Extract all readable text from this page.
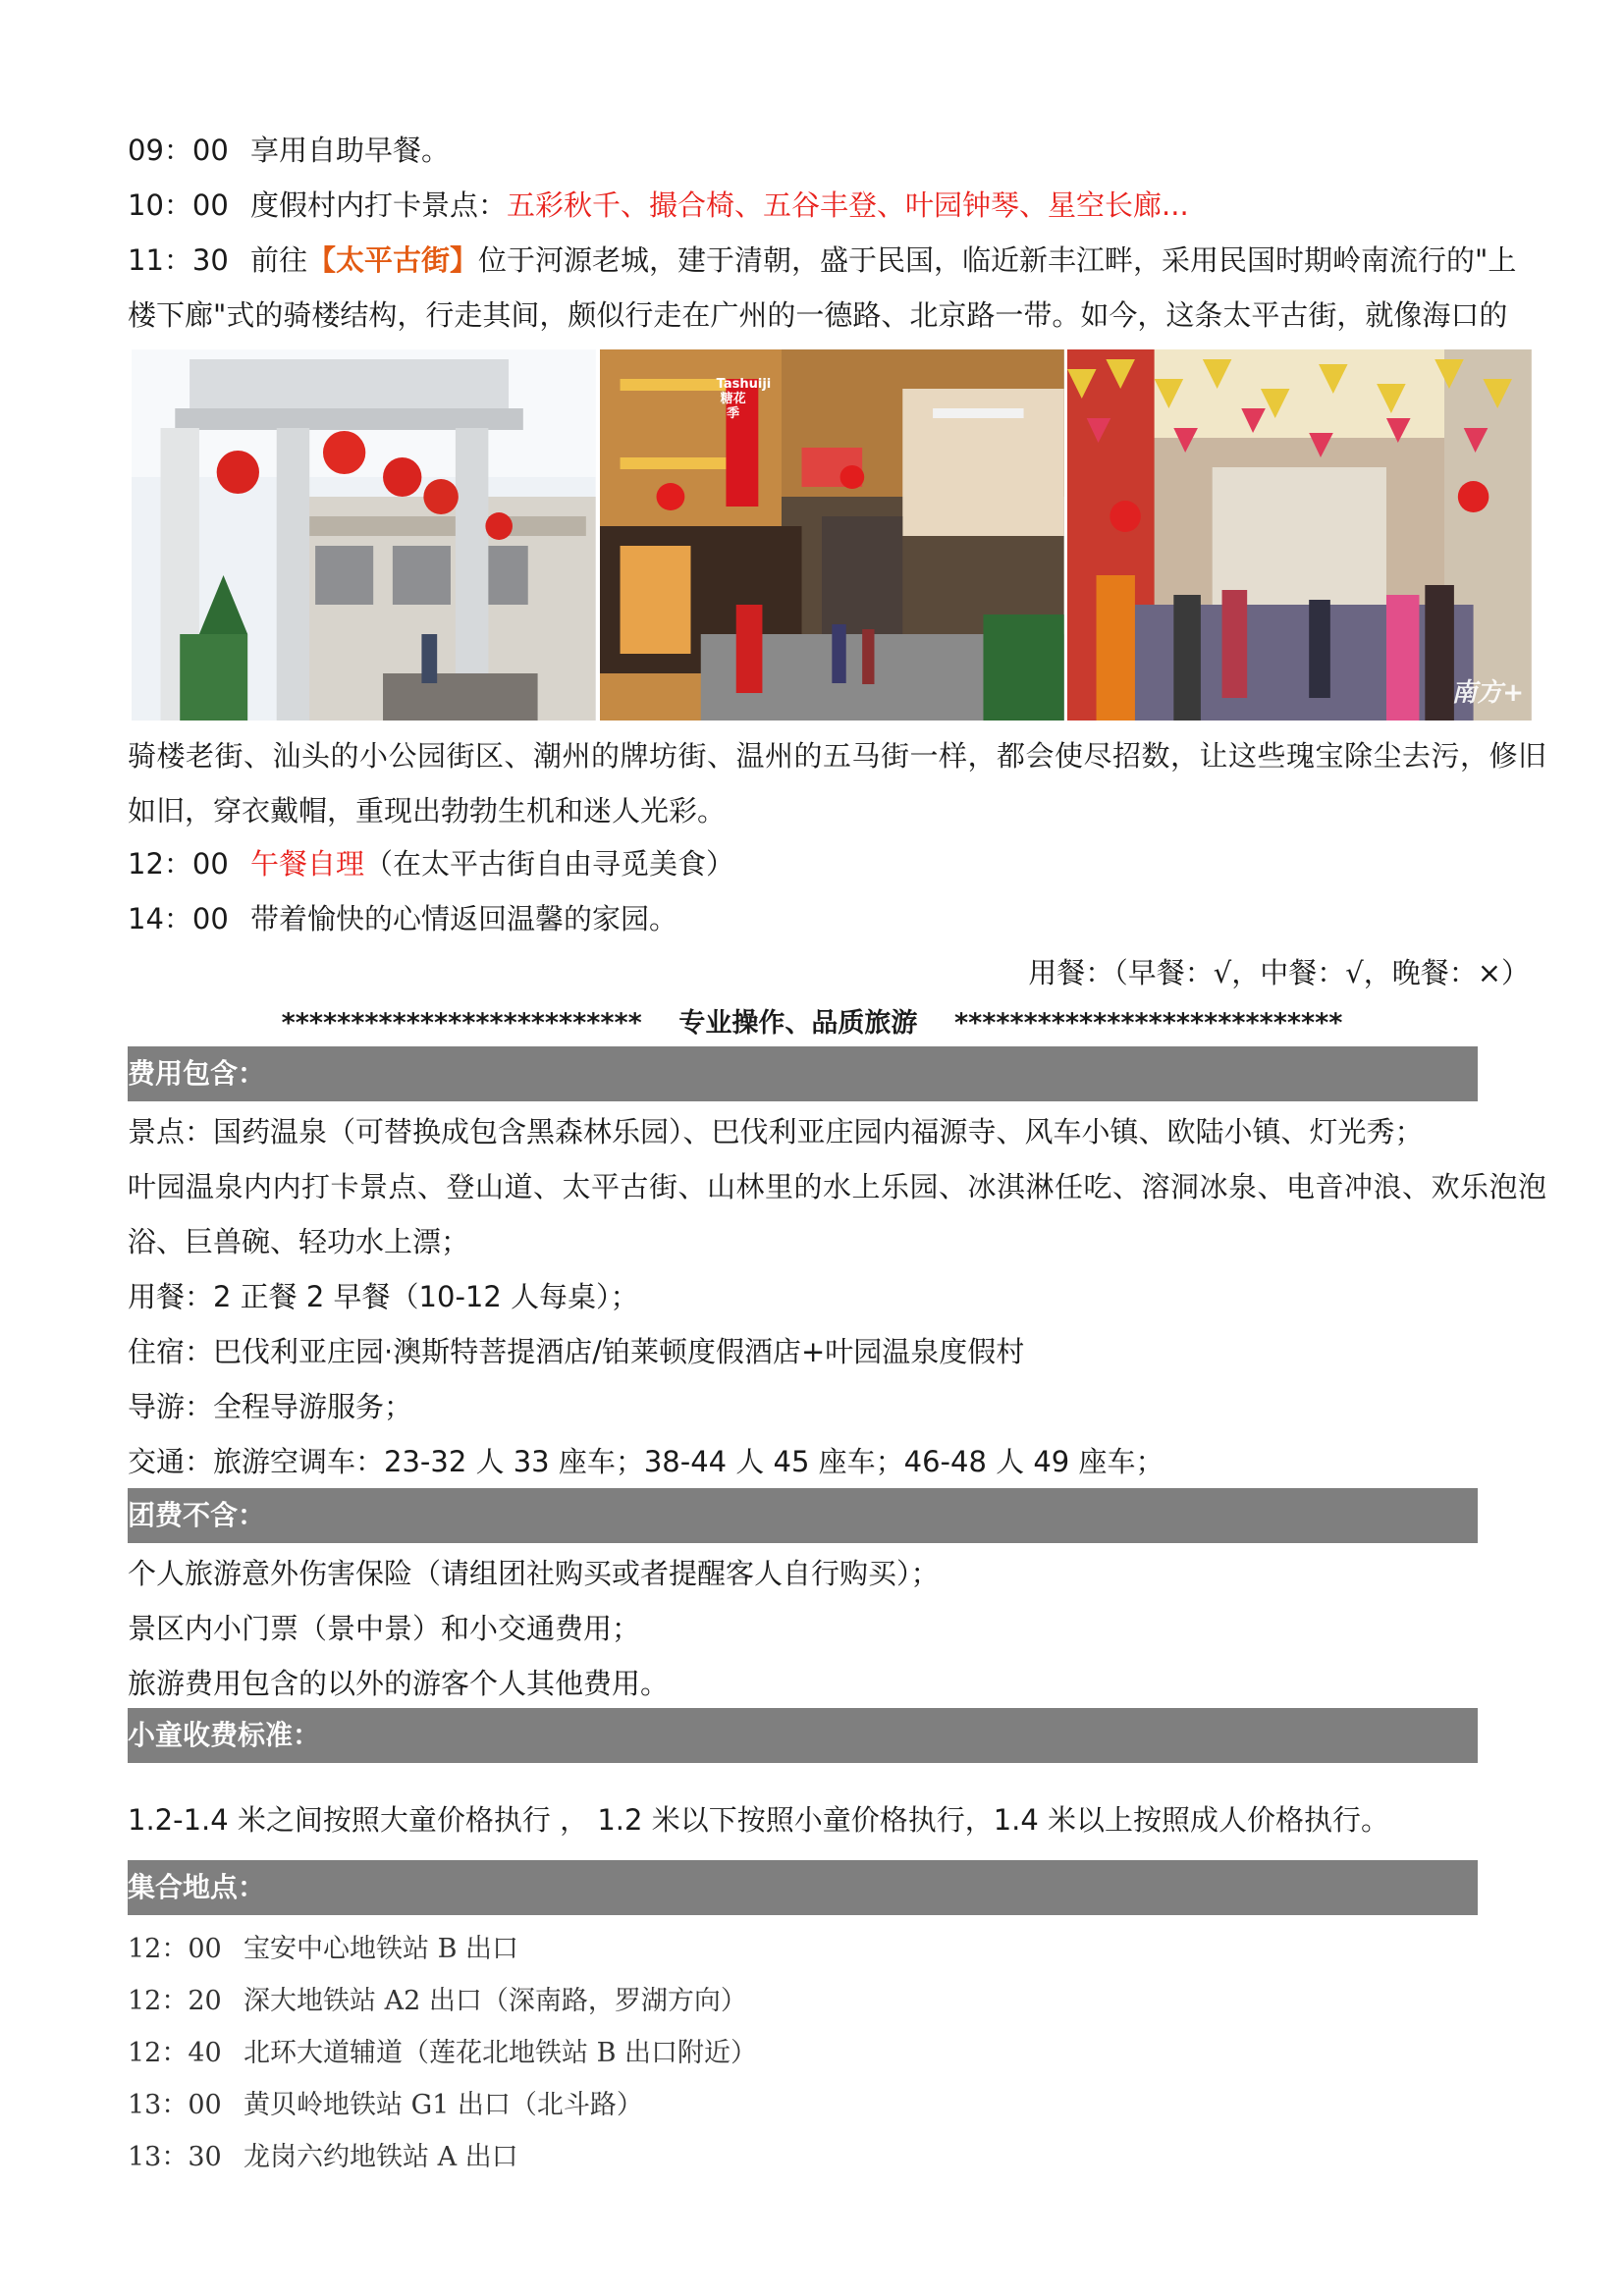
09：00 享用自助早餐。
10：00 度假村内打卡景点：五彩秋千、撮合椅、五谷丰登、叶园钟琴、星空长廊...
11：30 前往【太平古街】位于河源老城，建于清朝，盛于民国，临近新丰江畔，采用民国时期岭南流行的"上
楼下廊"式的骑楼结构，行走其间，颇似行走在广州的一德路、北京路一带。如今，这条太平古街，就像海口的
Tashuiji 糖花季
南方+
骑楼老街、汕头的小公园街区、潮州的牌坊街、温州的五马街一样，都会使尽招数，让这些瑰宝除尘去污，修旧如旧，穿衣戴帽，重现出勃勃生机和迷人光彩。
12：00 午餐自理（在太平古街自由寻觅美食）
14：00 带着愉快的心情返回温馨的家园。
用餐：（早餐：√，中餐：√，晚餐：×）
**************************    专业操作、品质旅游    ****************************
费用包含：
景点：国药温泉（可替换成包含黑森林乐园）、巴伐利亚庄园内福源寺、风车小镇、欧陆小镇、灯光秀；
叶园温泉内内打卡景点、登山道、太平古街、山林里的水上乐园、冰淇淋任吃、溶洞冰泉、电音冲浪、欢乐泡泡浴、巨兽碗、轻功水上漂；
用餐：2 正餐 2 早餐（10-12 人每桌）；
住宿：巴伐利亚庄园·澳斯特菩提酒店/铂莱顿度假酒店+叶园温泉度假村
导游：全程导游服务；
交通：旅游空调车：23-32 人 33 座车；38-44 人 45 座车；46-48 人 49 座车；
团费不含：
个人旅游意外伤害保险（请组团社购买或者提醒客人自行购买）；
景区内小门票（景中景）和小交通费用；
旅游费用包含的以外的游客个人其他费用。
小童收费标准：
1.2-1.4 米之间按照大童价格执行 ， 1.2 米以下按照小童价格执行，1.4 米以上按照成人价格执行。
集合地点：
12：00 宝安中心地铁站 B 出口
12：20 深大地铁站 A2 出口（深南路，罗湖方向）
12：40 北环大道辅道（莲花北地铁站 B 出口附近）
13：00 黄贝岭地铁站 G1 出口（北斗路）
13：30 龙岗六约地铁站 A 出口
